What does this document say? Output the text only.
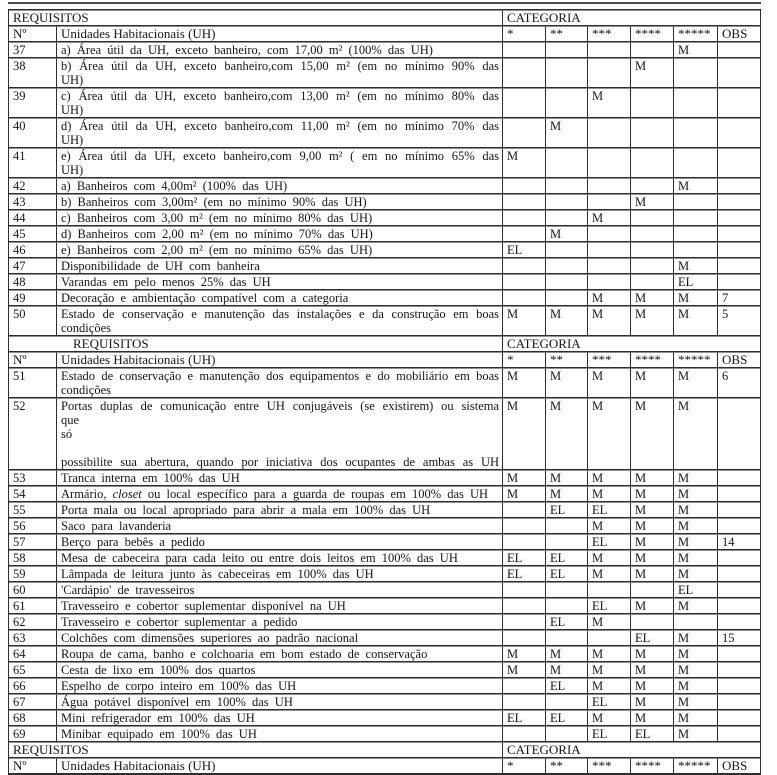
REQUISITOS		CATEGORIA					
Nº	Unidades Habitacionais (UH)	*	**	***	****	*****	OBS
37	a) Área útil da UH, exceto banheiro, com 17,00 m² (100% das UH)					M	
38	b) Área útil da UH, exceto banheiro,com 15,00 m² (em no mínimo 90% das
UH)				M		
39	c) Área útil da UH, exceto banheiro,com 13,00 m² (em no mínimo 80% das
UH)			M			
40	d) Área útil da UH, exceto banheiro,com 11,00 m² (em no mínimo 70% das
UH)		M				
41	e) Área útil da UH, exceto banheiro,com 9,00 m² ( em no mínimo 65% das
UH)	M					
42	a) Banheiros com 4,00m² (100% das UH)					M	
43	b) Banheiros com 3,00m² (em no mínimo 90% das UH)				M		
44	c) Banheiros com 3,00 m² (em no mínimo 80% das UH)			M			
45	d) Banheiros com 2,00 m² (em no mínimo 70% das UH)		M				
46	e) Banheiros com 2,00 m² (em no mínimo 65% das UH)	EL					
47	Disponibilidade de UH com banheira					M	
48	Varandas em pelo menos 25% das UH					EL	
49	Decoração e ambientação compatível com a categoria			M	M	M	7
50	Estado de conservação e manutenção das instalações e da construção em boas
condições	M	M	M	M	M	5
REQUISITOS		CATEGORIA					
Nº	Unidades Habitacionais (UH)	*	**	***	****	*****	OBS
51	Estado de conservação e manutenção dos equipamentos e do mobiliário em boas
condições	M	M	M	M	M	6
52	Portas duplas de comunicação entre UH conjugáveis (se existirem) ou sistema que
só
possibilite sua abertura, quando por iniciativa dos ocupantes de ambas as UH	M	M	M	M	M	
53	Tranca interna em 100% das UH	M	M	M	M	M	
54	Armário, closet ou local específico para a guarda de roupas em 100% das UH	M	M	M	M	M	
55	Porta mala ou local apropriado para abrir a mala em 100% das UH		EL	EL	M	M	
56	Saco para lavanderia			M	M	M	
57	Berço para bebês a pedido			EL	M	M	14
58	Mesa de cabeceira para cada leito ou entre dois leitos em 100% das UH	EL	EL	M	M	M	
59	Lâmpada de leitura junto às cabeceiras em 100% das UH	EL	EL	M	M	M	
60	'Cardápio' de travesseiros					EL	
61	Travesseiro e cobertor suplementar disponível na UH			EL	M	M	
62	Travesseiro e cobertor suplementar a pedido		EL	M			
63	Colchões com dimensões superiores ao padrão nacional				EL	M	15
64	Roupa de cama, banho e colchoaria em bom estado de conservação	M	M	M	M	M	
65	Cesta de lixo em 100% dos quartos	M	M	M	M	M	
66	Espelho de corpo inteiro em 100% das UH		EL	M	M	M	
67	Água potável disponível em 100% das UH			EL	M	M	
68	Mini refrigerador em 100% das UH	EL	EL	M	M	M	
69	Minibar equipado em 100% das UH			EL	EL	M	
REQUISITOS		CATEGORIA					
Nº	Unidades Habitacionais (UH)	*	**	***	****	*****	OBS
